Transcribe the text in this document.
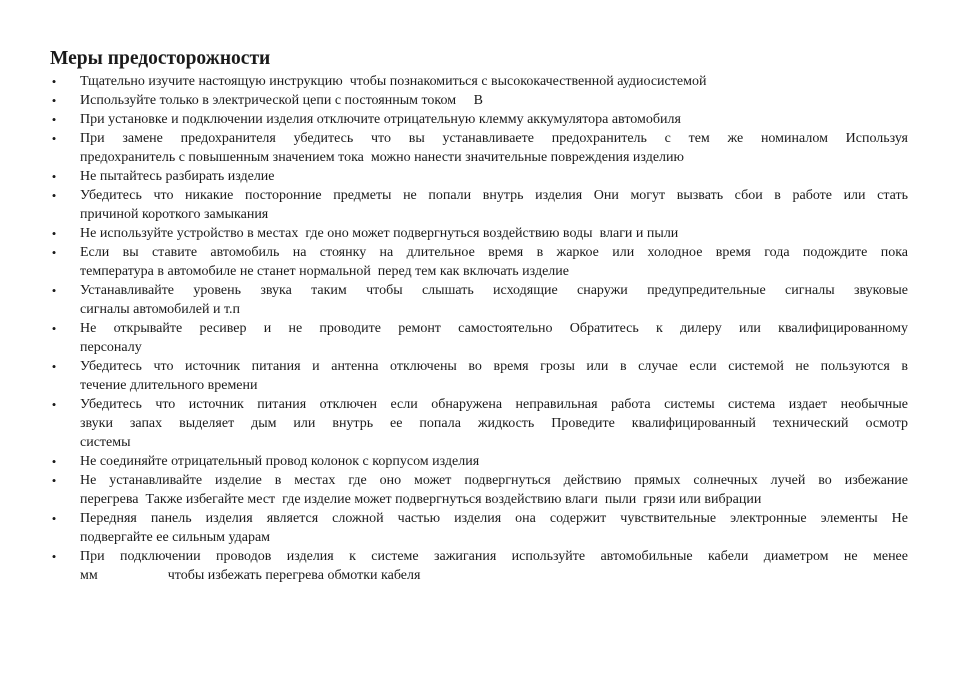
Меры предосторожности
• Тщательно изучите настоящую инструкцию  чтобы познакомиться с высококачественной аудиосистемой
• Используйте только в электрической цепи с постоянным током     В
• При установке и подключении изделия отключите отрицательную клемму аккумулятора автомобиля
• При замене предохранителя убедитесь что вы устанавливаете предохранитель с тем же номиналом Используя
предохранитель с повышенным значением тока  можно нанести значительные повреждения изделию
• Не пытайтесь разбирать изделие
• Убедитесь что никакие посторонние предметы не попали внутрь изделия Они могут вызвать сбои в работе или стать
причиной короткого замыкания
• Не используйте устройство в местах  где оно может подвергнуться воздействию воды  влаги и пыли
• Если вы ставите автомобиль на стоянку на длительное время в жаркое или холодное время года подождите пока
температура в автомобиле не станет нормальной  перед тем как включать изделие
• Устанавливайте уровень звука таким чтобы слышать исходящие снаружи предупредительные сигналы звуковые
сигналы автомобилей и т.п
• Не открывайте ресивер и не проводите ремонт самостоятельно Обратитесь к дилеру или квалифицированному
персоналу
• Убедитесь что источник питания и антенна отключены во время грозы или в случае если системой не пользуются в
течение длительного времени
• Убедитесь что источник питания отключен если обнаружена неправильная работа системы система издает необычные
звуки запах выделяет дым или внутрь ее попала жидкость Проведите квалифицированный технический осмотр
системы
• Не соединяйте отрицательный провод колонок с корпусом изделия
• Не устанавливайте изделие в местах где оно может подвергнуться действию прямых солнечных лучей во избежание
перегрева  Также избегайте мест  где изделие может подвергнуться воздействию влаги  пыли  грязи или вибрации
• Передняя панель изделия является сложной частью изделия она содержит чувствительные электронные элементы Не
подвергайте ее сильным ударам
• При подключении проводов изделия к системе зажигания используйте автомобильные кабели диаметром не менее
мм                    чтобы избежать перегрева обмотки кабеля
